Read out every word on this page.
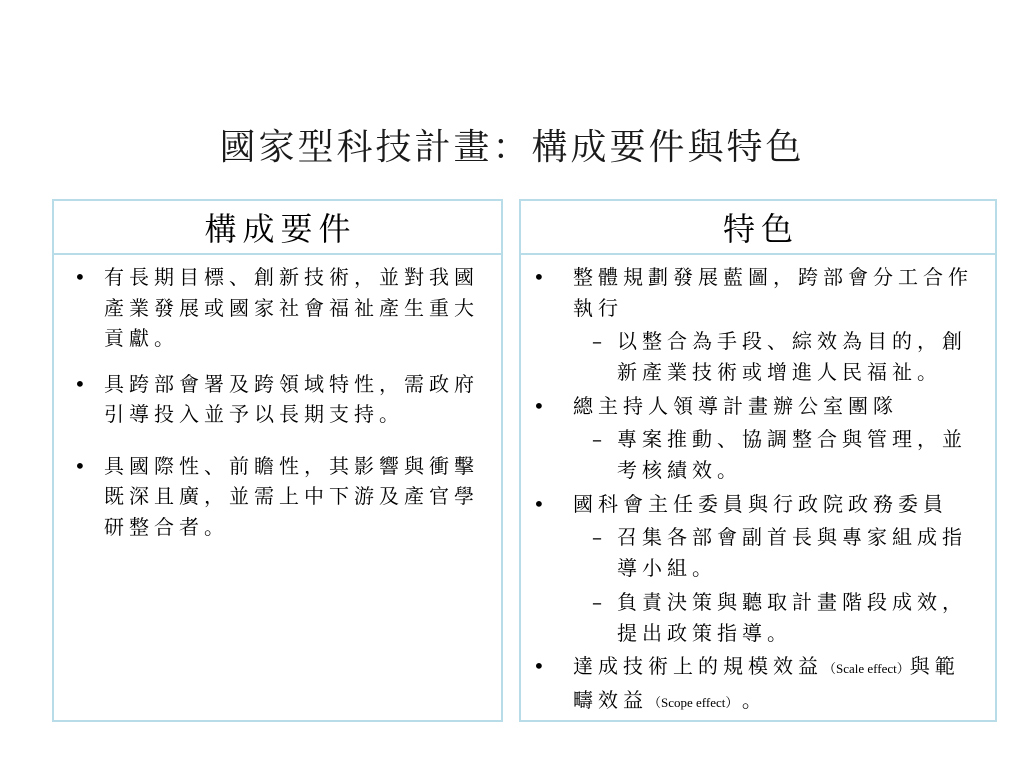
國家型科技計畫：構成要件與特色
構成要件
• 有長期目標、創新技術，並對我國
產業發展或國家社會福祉產生重大
貢獻。
• 具跨部會署及跨領域特性，需政府
引導投入並予以長期支持。
• 具國際性、前瞻性，其影響與衝擊
既深且廣，並需上中下游及產官學
研整合者。
特色
• 整體規劃發展藍圖，跨部會分工合作
執行
– 以整合為手段、綜效為目的，創
新產業技術或增進人民福祉。
• 總主持人領導計畫辦公室團隊
– 專案推動、協調整合與管理，並
考核績效。
• 國科會主任委員與行政院政務委員
– 召集各部會副首長與專家組成指
導小組。
– 負責決策與聽取計畫階段成效，
提出政策指導。
• 達成技術上的規模效益（Scale effect）與範
疇效益（Scope effect） 。
